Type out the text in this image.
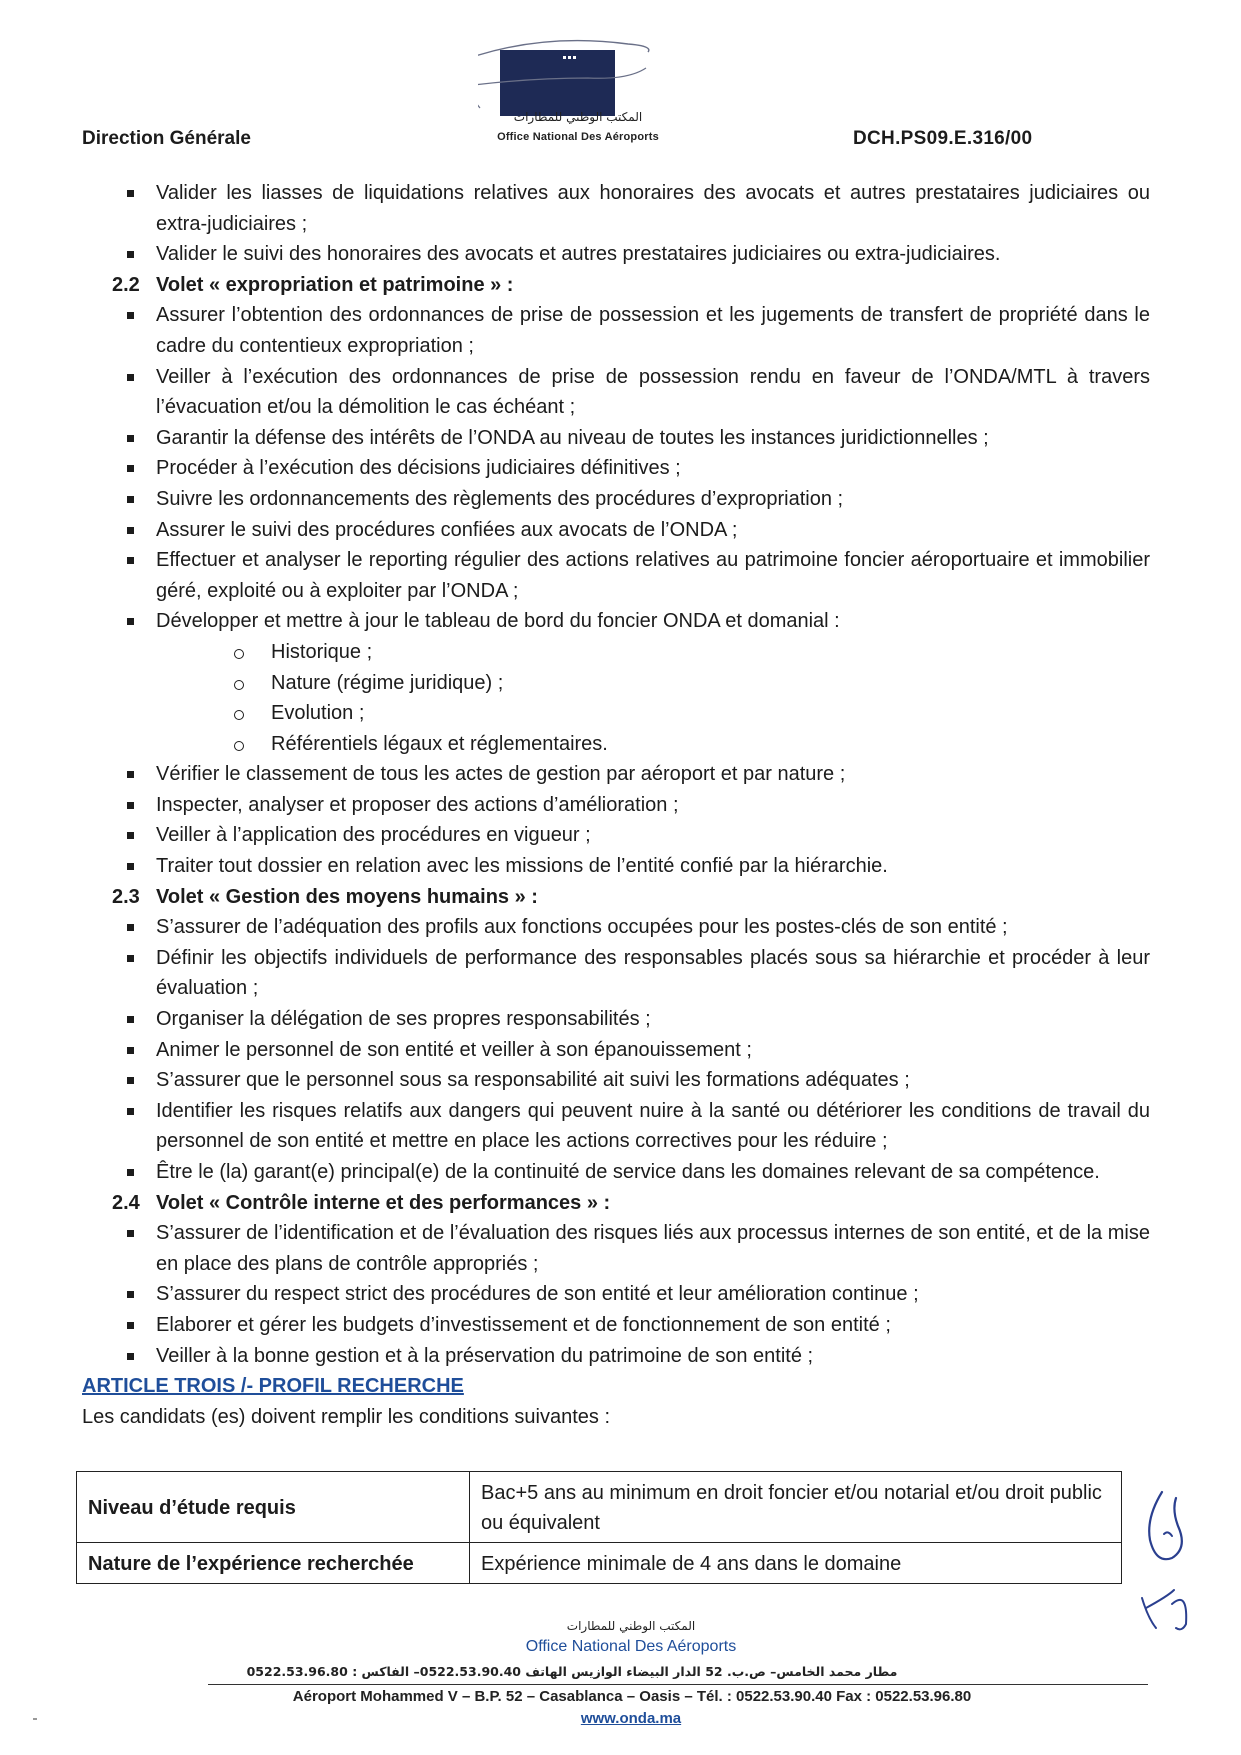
المكتب الوطني للمطارات
Office National Des Aéroports
Direction Générale	DCH.PS09.E.316/00
Valider les liasses de liquidations relatives aux honoraires des avocats et autres prestataires judiciaires ou extra-judiciaires ;
Valider le suivi des honoraires des avocats et autres prestataires judiciaires ou extra-judiciaires.
2.2 Volet « expropriation et patrimoine » :
Assurer l’obtention des ordonnances de prise de possession et les jugements de transfert de propriété dans le cadre du contentieux expropriation ;
Veiller à l’exécution des ordonnances de prise de possession rendu en faveur de l’ONDA/MTL à travers l’évacuation et/ou la démolition le cas échéant ;
Garantir la défense des intérêts de l’ONDA au niveau de toutes les instances juridictionnelles ;
Procéder à l’exécution des décisions judiciaires définitives ;
Suivre les ordonnancements des règlements des procédures d’expropriation ;
Assurer le suivi des procédures confiées aux avocats de l’ONDA ;
Effectuer et analyser le reporting régulier des actions relatives au patrimoine foncier aéroportuaire et immobilier géré, exploité ou à exploiter par l’ONDA ;
Développer et mettre à jour le tableau de bord du foncier ONDA et domanial :
Historique ;
Nature (régime juridique) ;
Evolution ;
Référentiels légaux et réglementaires.
Vérifier le classement de tous les actes de gestion par aéroport et par nature ;
Inspecter, analyser et proposer des actions d’amélioration ;
Veiller à l’application des procédures en vigueur ;
Traiter tout dossier en relation avec les missions de l’entité confié par la hiérarchie.
2.3 Volet « Gestion des moyens humains » :
S’assurer de l’adéquation des profils aux fonctions occupées pour les postes-clés de son entité ;
Définir les objectifs individuels de performance des responsables placés sous sa hiérarchie et procéder à leur évaluation ;
Organiser la délégation de ses propres responsabilités ;
Animer le personnel de son entité et veiller à son épanouissement ;
S’assurer que le personnel sous sa responsabilité ait suivi les formations adéquates ;
Identifier les risques relatifs aux dangers qui peuvent nuire à la santé ou détériorer les conditions de travail du personnel de son entité et mettre en place les actions correctives pour les réduire ;
Être le (la) garant(e) principal(e) de la continuité de service dans les domaines relevant de sa compétence.
2.4 Volet « Contrôle interne et des performances » :
S’assurer de l’identification et de l’évaluation des risques liés aux processus internes de son entité, et de la mise en place des plans de contrôle appropriés ;
S’assurer du respect strict des procédures de son entité et leur amélioration continue ;
Elaborer et gérer les budgets d’investissement et de fonctionnement de son entité ;
Veiller à la bonne gestion et à la préservation du patrimoine de son entité ;
ARTICLE TROIS /- PROFIL RECHERCHE

Les candidats (es) doivent remplir les conditions suivantes :

Niveau d’étude requis	Bac+5 ans au minimum en droit foncier et/ou notarial et/ou droit public ou équivalent
Nature de l’expérience recherchée	Expérience minimale de 4 ans dans le domaine
المكتب الوطني للمطارات
Office National Des Aéroports
مطار محمد الخامس– ص.ب. 52 الدار البيضاء الوازيس الهاتف 0522.53.90.40– الفاكس : 0522.53.96.80
Aéroport Mohammed V – B.P. 52 – Casablanca – Oasis – Tél. : 0522.53.90.40 Fax : 0522.53.96.80
www.onda.ma
